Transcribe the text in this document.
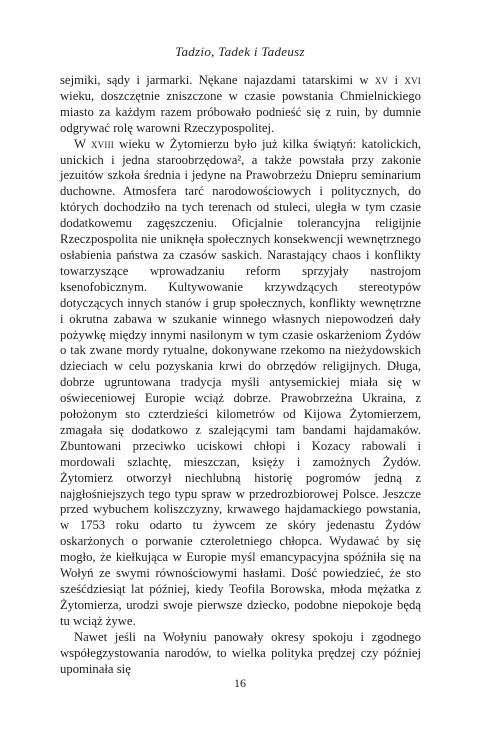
Tadzio, Tadek i Tadeusz

sejmiki, sądy i jarmarki. Nękane najazdami tatarskimi w xv i xvi wieku, doszczętnie zniszczone w czasie powstania Chmielnickiego miasto za każdym razem próbowało podnieść się z ruin, by dumnie odgrywać rolę warowni Rzeczypospolitej.

W xviii wieku w Żytomierzu było już kilka świątyń: katolickich, unickich i jedna staroobrzędowa², a także powstała przy zakonie jezuitów szkoła średnia i jedyne na Prawobrzeżu Dniepru seminarium duchowne. Atmosfera tarć narodowościowych i politycznych, do których dochodziło na tych terenach od stuleci, uległa w tym czasie dodatkowemu zagęszczeniu. Oficjalnie tolerancyjna religijnie Rzeczpospolita nie uniknęła społecznych konsekwencji wewnętrznego osłabienia państwa za czasów saskich. Narastający chaos i konflikty towarzyszące wprowadzaniu reform sprzyjały nastrojom ksenofobicznym. Kultywowanie krzywdzących stereotypów dotyczących innych stanów i grup społecznych, konflikty wewnętrzne i okrutna zabawa w szukanie winnego własnych niepowodzeń dały pożywkę między innymi nasilonym w tym czasie oskarżeniom Żydów o tak zwane mordy rytualne, dokonywane rzekomo na nieżydowskich dzieciach w celu pozyskania krwi do obrzędów religijnych. Długa, dobrze ugruntowana tradycja myśli antysemickiej miała się w oświeceniowej Europie wciąż dobrze. Prawobrzeżna Ukraina, z położonym sto czterdzieści kilometrów od Kijowa Żytomierzem, zmagała się dodatkowo z szalejącymi tam bandami hajdamaków. Zbuntowani przeciwko uciskowi chłopi i Kozacy rabowali i mordowali szlachtę, mieszczan, księży i zamożnych Żydów. Żytomierz otworzył niechlubną historię pogromów jedną z najgłośniejszych tego typu spraw w przedrozbiorowej Polsce. Jeszcze przed wybuchem koliszczyzny, krwawego hajdamackiego powstania, w 1753 roku odarto tu żywcem ze skóry jedenastu Żydów oskarżonych o porwanie czteroletniego chłopca. Wydawać by się mogło, że kiełkująca w Europie myśl emancypacyjna spóźniła się na Wołyń ze swymi równościowymi hasłami. Dość powiedzieć, że sto sześćdziesiąt lat później, kiedy Teofila Borowska, młoda mężatka z Żytomierza, urodzi swoje pierwsze dziecko, podobne niepokoje będą tu wciąż żywe.

Nawet jeśli na Wołyniu panowały okresy spokoju i zgodnego współegzystowania narodów, to wielka polityka prędzej czy później upominała się

16
